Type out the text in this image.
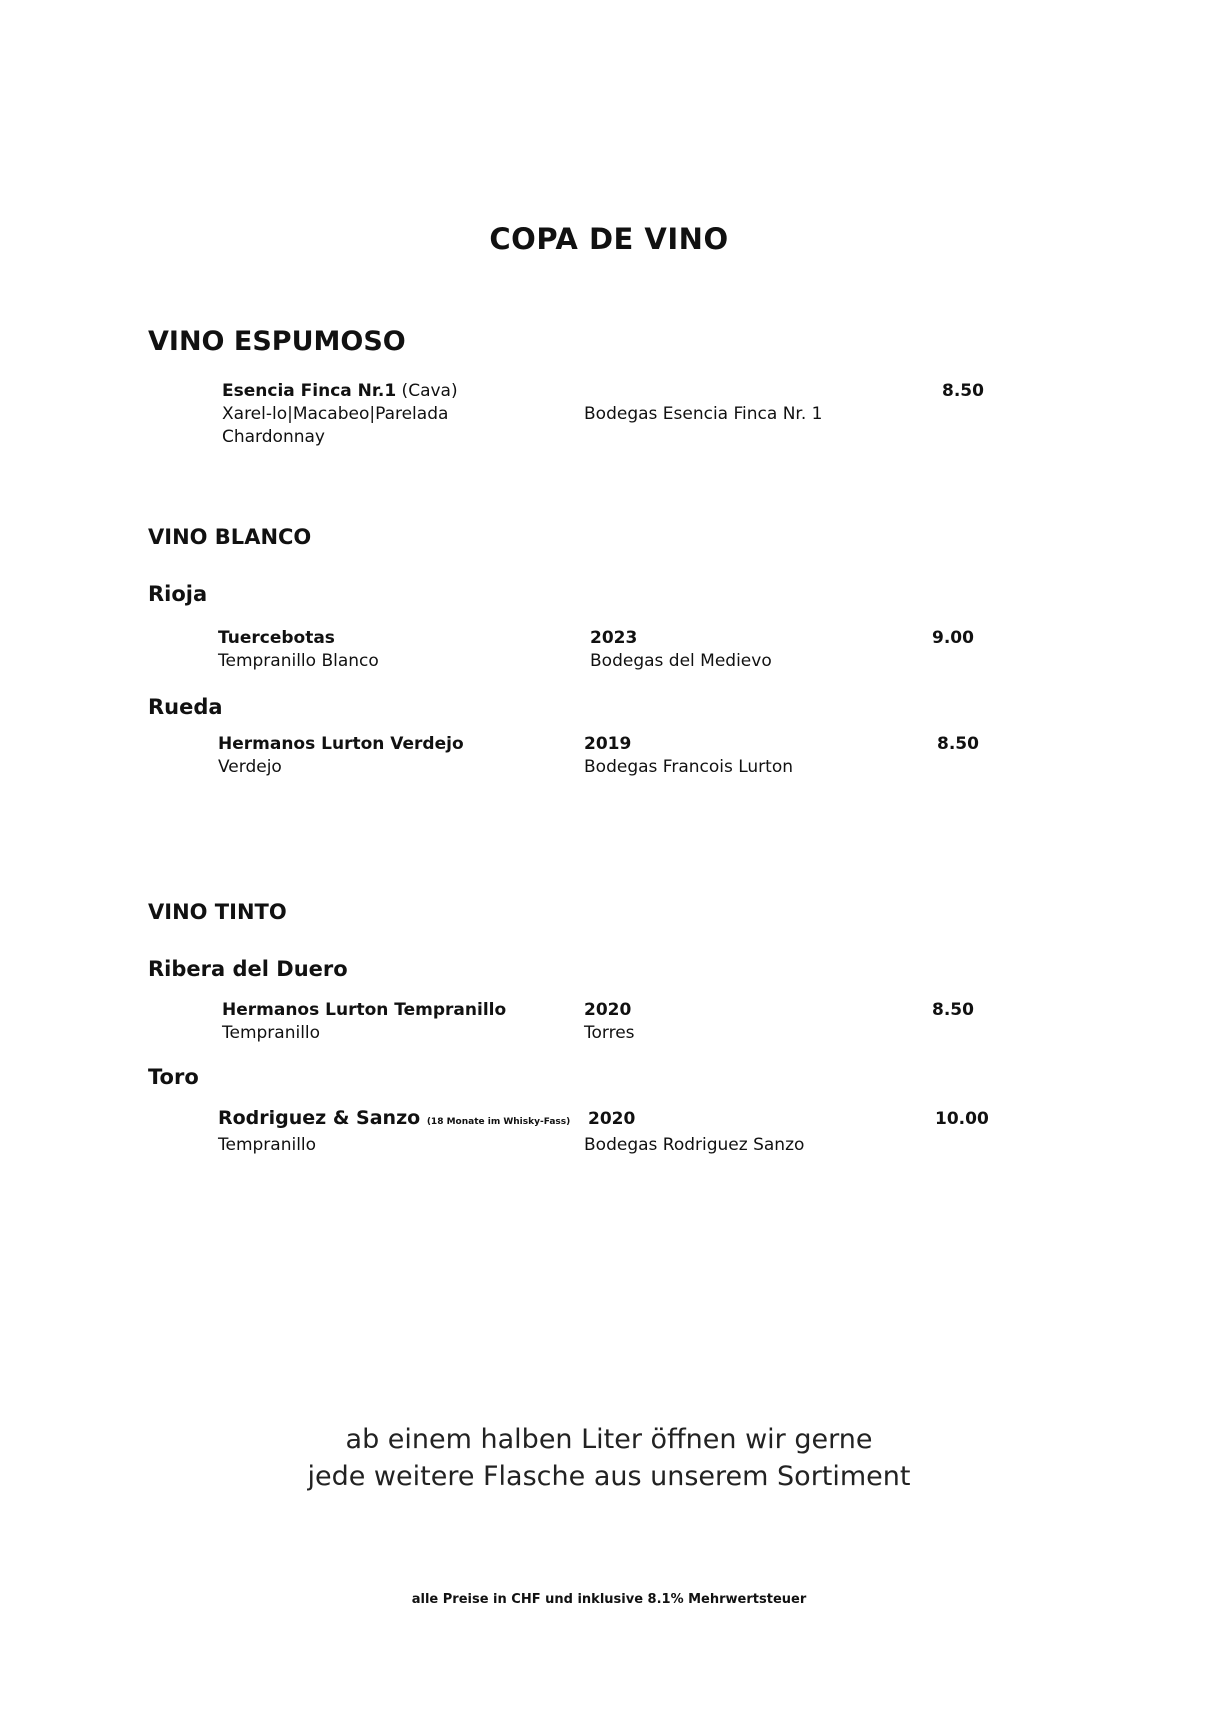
COPA DE VINO
VINO ESPUMOSO
Esencia Finca Nr.1 (Cava)
Xarel-lo|Macabeo|Parelada
Chardonnay
Bodegas Esencia Finca Nr. 1
8.50
VINO BLANCO
Rioja
Tuercebotas
Tempranillo Blanco
2023
Bodegas del Medievo
9.00
Rueda
Hermanos Lurton Verdejo
Verdejo
2019
Bodegas Francois Lurton
8.50
VINO TINTO
Ribera del Duero
Hermanos Lurton Tempranillo
Tempranillo
2020
Torres
8.50
Toro
Rodriguez & Sanzo (18 Monate im Whisky-Fass)
Tempranillo
2020
Bodegas Rodriguez Sanzo
10.00
ab einem halben Liter öffnen wir gerne
jede weitere Flasche aus unserem Sortiment
alle Preise in CHF und inklusive 8.1% Mehrwertsteuer
